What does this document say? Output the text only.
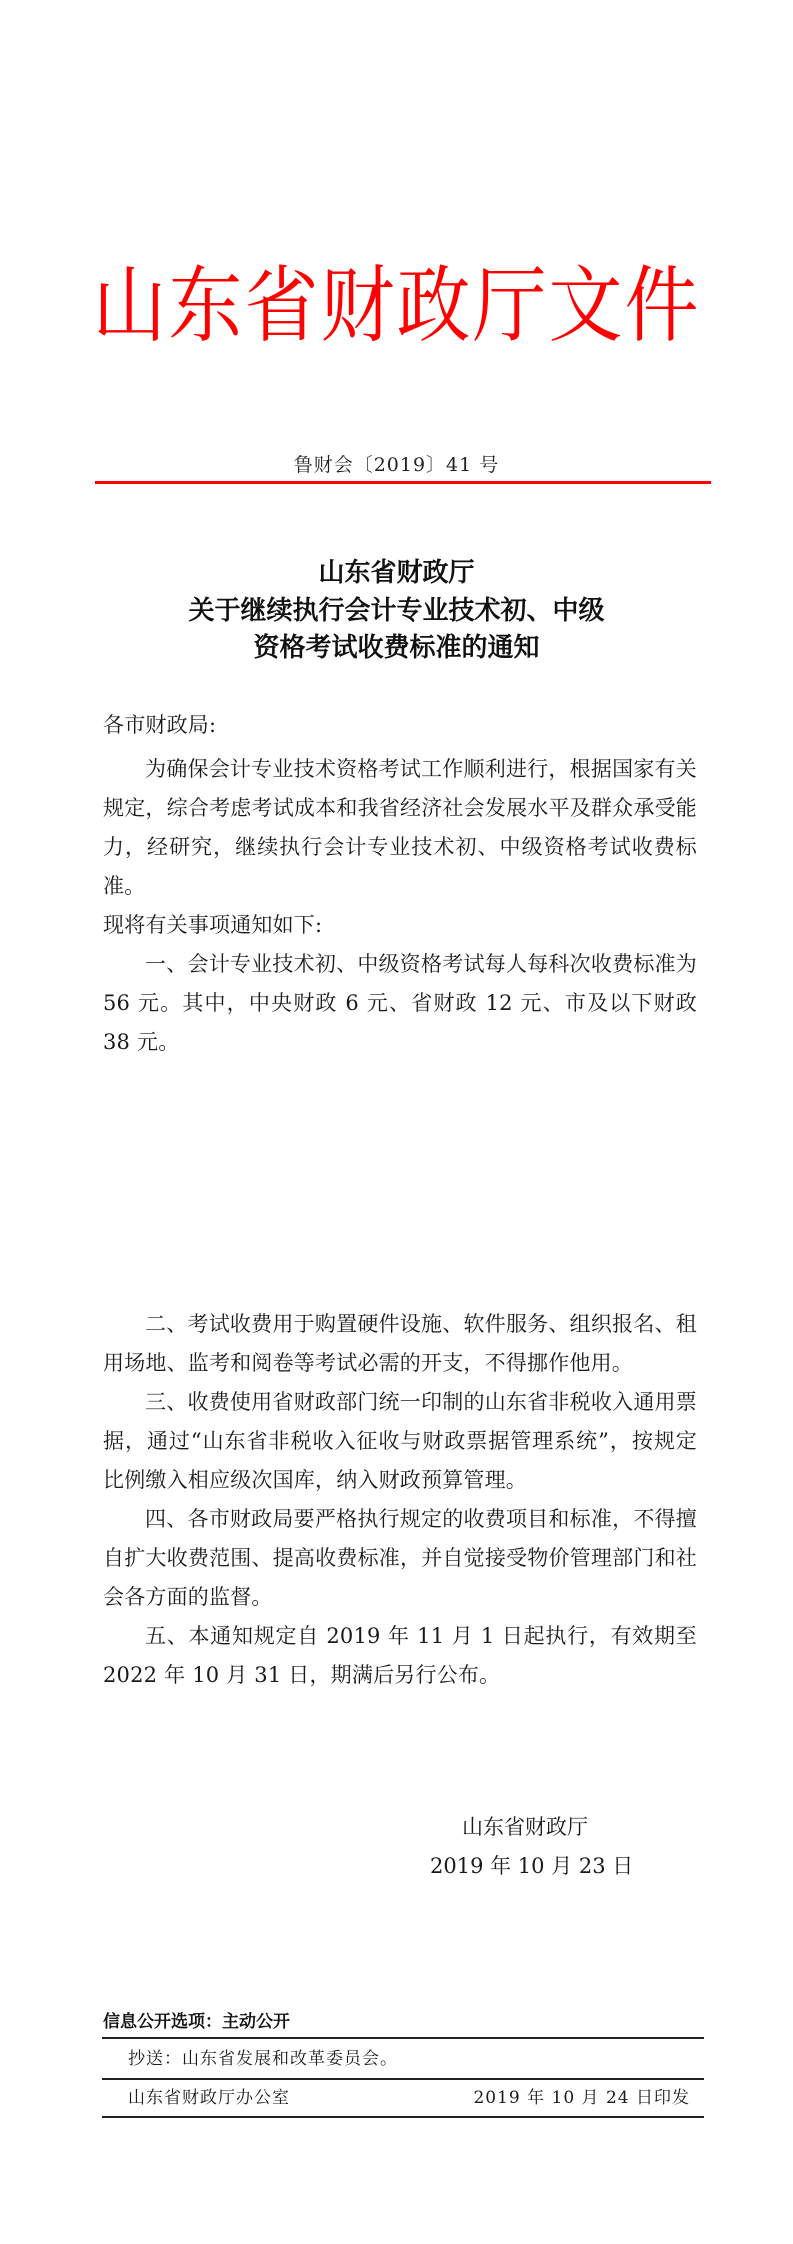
山东省财政厅文件
鲁财会〔2019〕41 号
山东省财政厅
关于继续执行会计专业技术初、中级
资格考试收费标准的通知

各市财政局:

为确保会计专业技术资格考试工作顺利进行，根据国家有关规定，综合考虑考试成本和我省经济社会发展水平及群众承受能力，经研究，继续执行会计专业技术初、中级资格考试收费标准。

现将有关事项通知如下:

一、会计专业技术初、中级资格考试每人每科次收费标准为 56 元。其中，中央财政 6 元、省财政 12 元、市及以下财政 38 元。

二、考试收费用于购置硬件设施、软件服务、组织报名、租用场地、监考和阅卷等考试必需的开支，不得挪作他用。

三、收费使用省财政部门统一印制的山东省非税收入通用票据，通过“山东省非税收入征收与财政票据管理系统”，按规定比例缴入相应级次国库，纳入财政预算管理。

四、各市财政局要严格执行规定的收费项目和标准，不得擅自扩大收费范围、提高收费标准，并自觉接受物价管理部门和社会各方面的监督。

五、本通知规定自 2019 年 11 月 1 日起执行，有效期至 2022 年 10 月 31 日，期满后另行公布。

山东省财政厅
2019 年 10 月 23 日
信息公开选项：主动公开
抄送：山东省发展和改革委员会。
山东省财政厅办公室	2019 年 10 月 24 日印发
